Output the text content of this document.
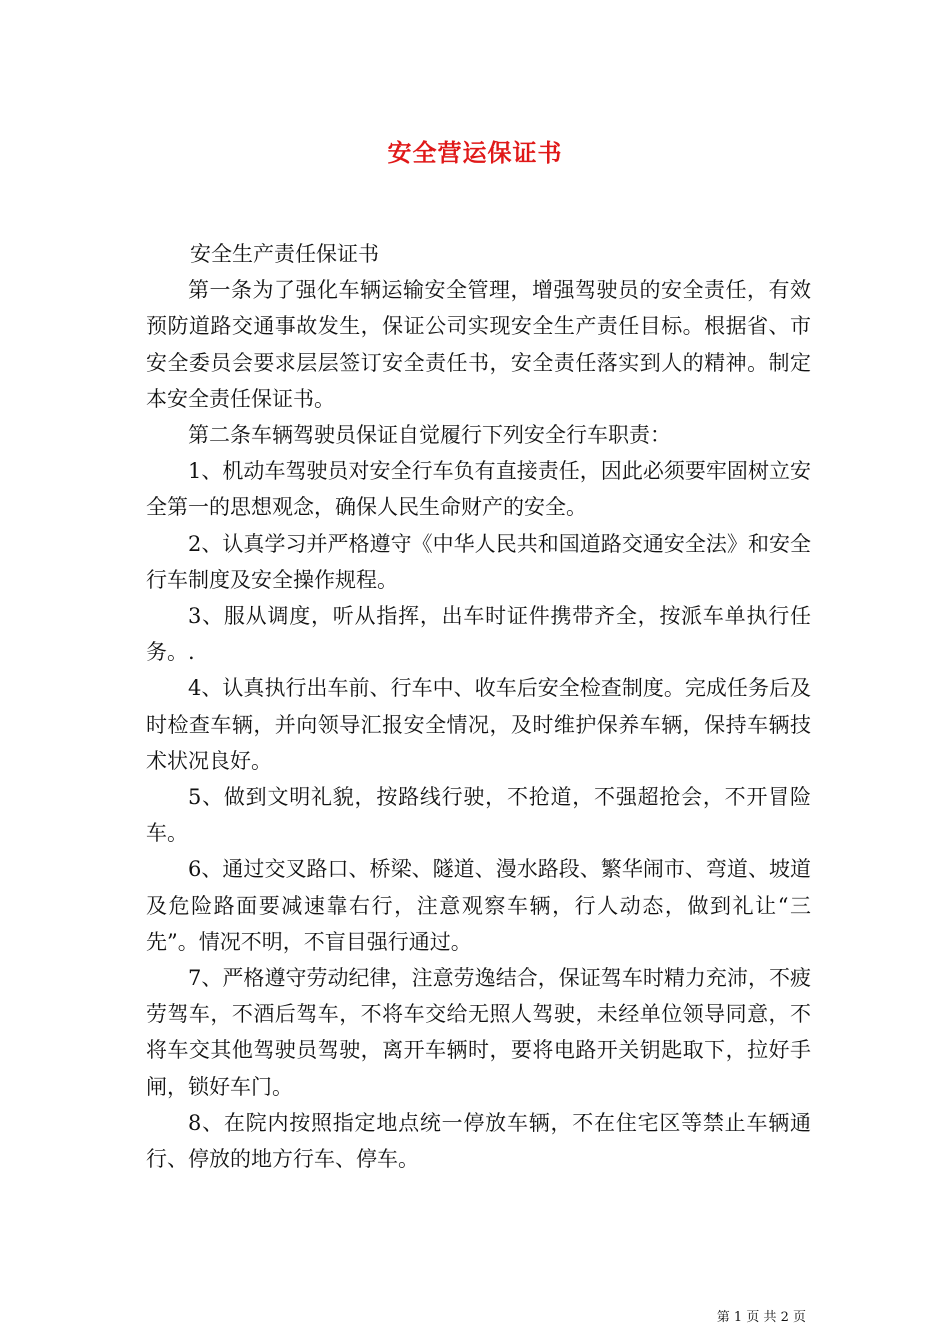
安全营运保证书

安全生产责任保证书

第一条为了强化车辆运输安全管理，增强驾驶员的安全责任，有效预防道路交通事故发生，保证公司实现安全生产责任目标。根据省、市安全委员会要求层层签订安全责任书，安全责任落实到人的精神。制定本安全责任保证书。

第二条车辆驾驶员保证自觉履行下列安全行车职责：

1、机动车驾驶员对安全行车负有直接责任，因此必须要牢固树立安全第一的思想观念，确保人民生命财产的安全。

2、认真学习并严格遵守《中华人民共和国道路交通安全法》和安全行车制度及安全操作规程。

3、服从调度，听从指挥，出车时证件携带齐全，按派车单执行任务。.

4、认真执行出车前、行车中、收车后安全检查制度。完成任务后及时检查车辆，并向领导汇报安全情况，及时维护保养车辆，保持车辆技术状况良好。

5、做到文明礼貌，按路线行驶，不抢道，不强超抢会，不开冒险车。

6、通过交叉路口、桥梁、隧道、漫水路段、繁华闹市、弯道、坡道及危险路面要减速靠右行，注意观察车辆，行人动态，做到礼让“三先”。情况不明，不盲目强行通过。

7、严格遵守劳动纪律，注意劳逸结合，保证驾车时精力充沛，不疲劳驾车，不酒后驾车，不将车交给无照人驾驶，未经单位领导同意，不将车交其他驾驶员驾驶，离开车辆时，要将电路开关钥匙取下，拉好手闸，锁好车门。

8、在院内按照指定地点统一停放车辆，不在住宅区等禁止车辆通行、停放的地方行车、停车。

第 1 页 共 2 页
